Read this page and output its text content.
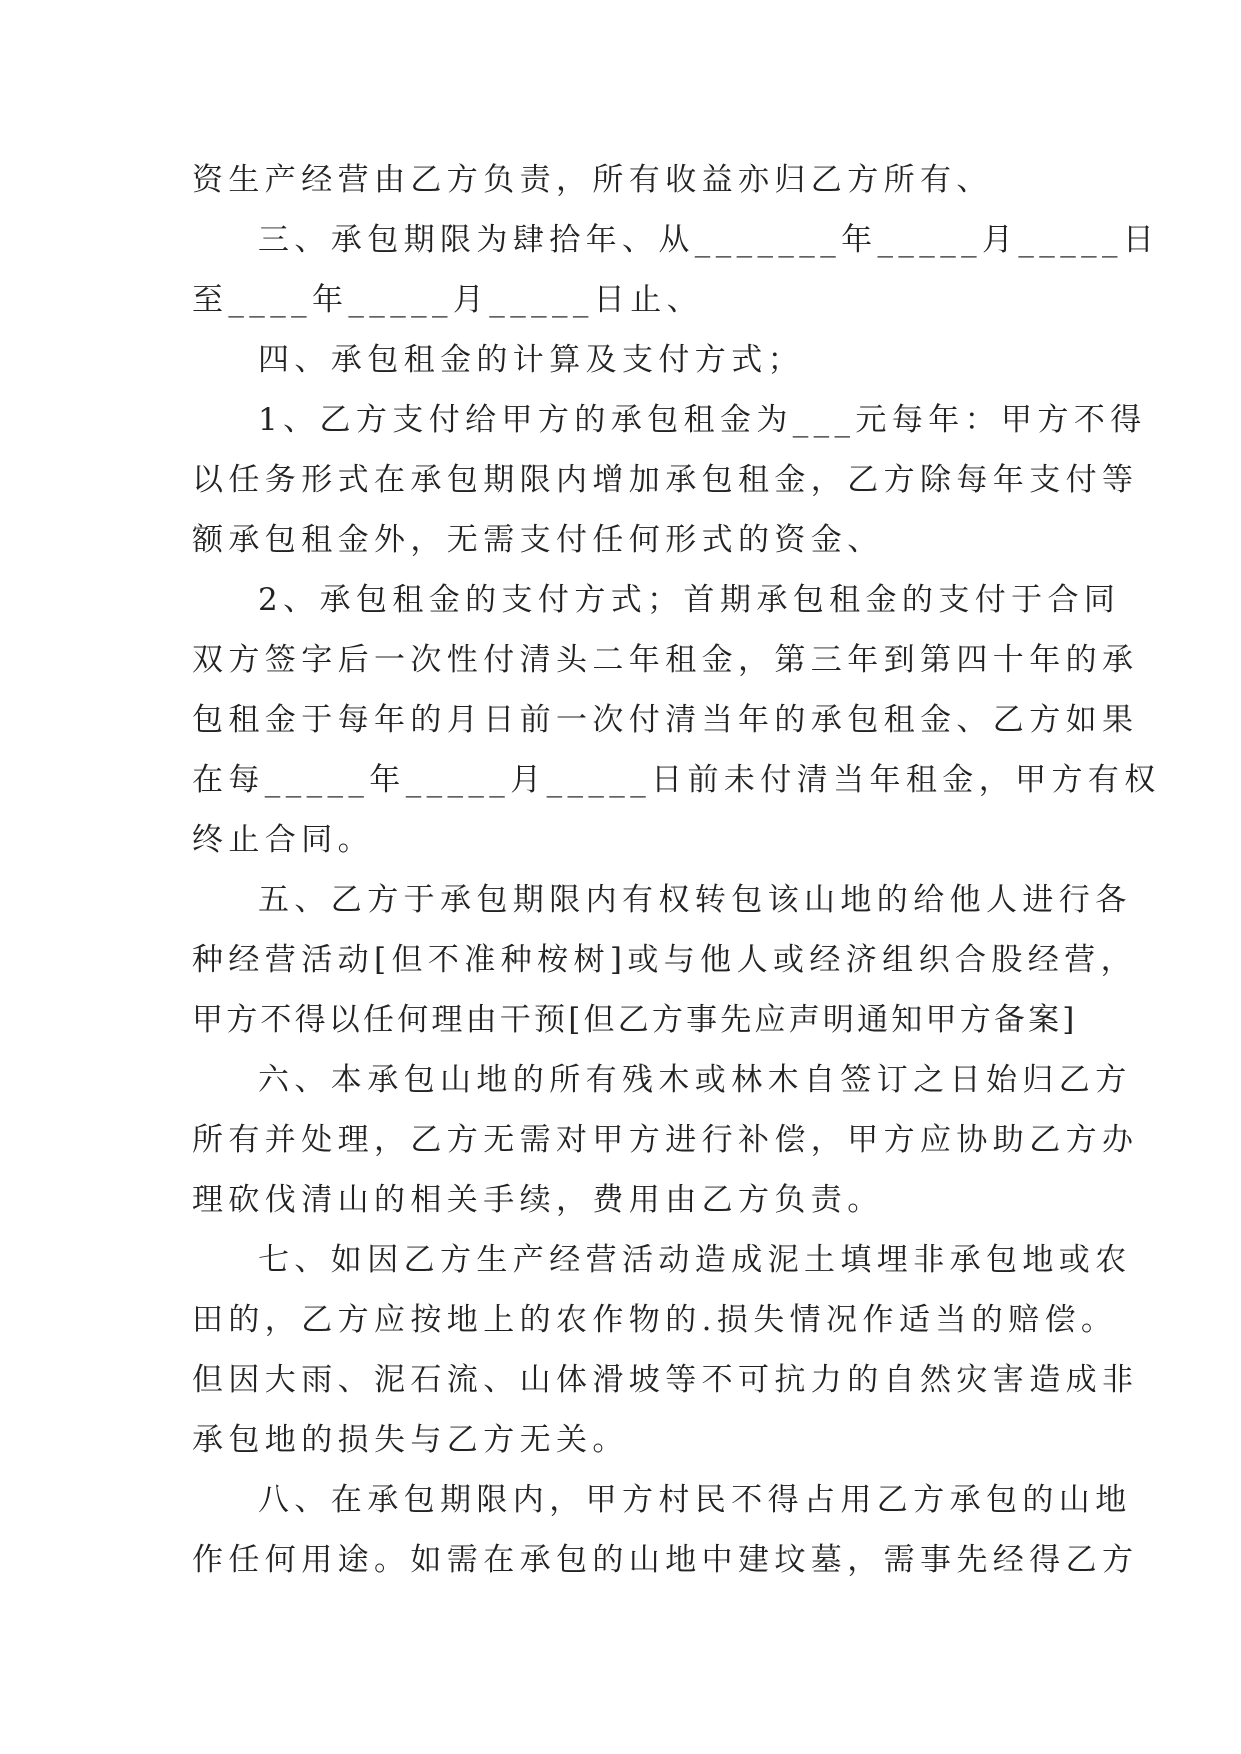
资生产经营由乙方负责，所有收益亦归乙方所有、
三、承包期限为肆拾年、从_______年_____月_____日
至____年_____月_____日止、
四、承包租金的计算及支付方式；
1、乙方支付给甲方的承包租金为___元每年：甲方不得
以任务形式在承包期限内增加承包租金，乙方除每年支付等
额承包租金外，无需支付任何形式的资金、
2、承包租金的支付方式；首期承包租金的支付于合同
双方签字后一次性付清头二年租金，第三年到第四十年的承
包租金于每年的月日前一次付清当年的承包租金、乙方如果
在每_____年_____月_____日前未付清当年租金，甲方有权
终止合同。
五、乙方于承包期限内有权转包该山地的给他人进行各
种经营活动[但不准种桉树]或与他人或经济组织合股经营，
甲方不得以任何理由干预[但乙方事先应声明通知甲方备案]
六、本承包山地的所有残木或林木自签订之日始归乙方
所有并处理，乙方无需对甲方进行补偿，甲方应协助乙方办
理砍伐清山的相关手续，费用由乙方负责。
七、如因乙方生产经营活动造成泥土填埋非承包地或农
田的，乙方应按地上的农作物的.损失情况作适当的赔偿。
但因大雨、泥石流、山体滑坡等不可抗力的自然灾害造成非
承包地的损失与乙方无关。
八、在承包期限内，甲方村民不得占用乙方承包的山地
作任何用途。如需在承包的山地中建坟墓，需事先经得乙方
